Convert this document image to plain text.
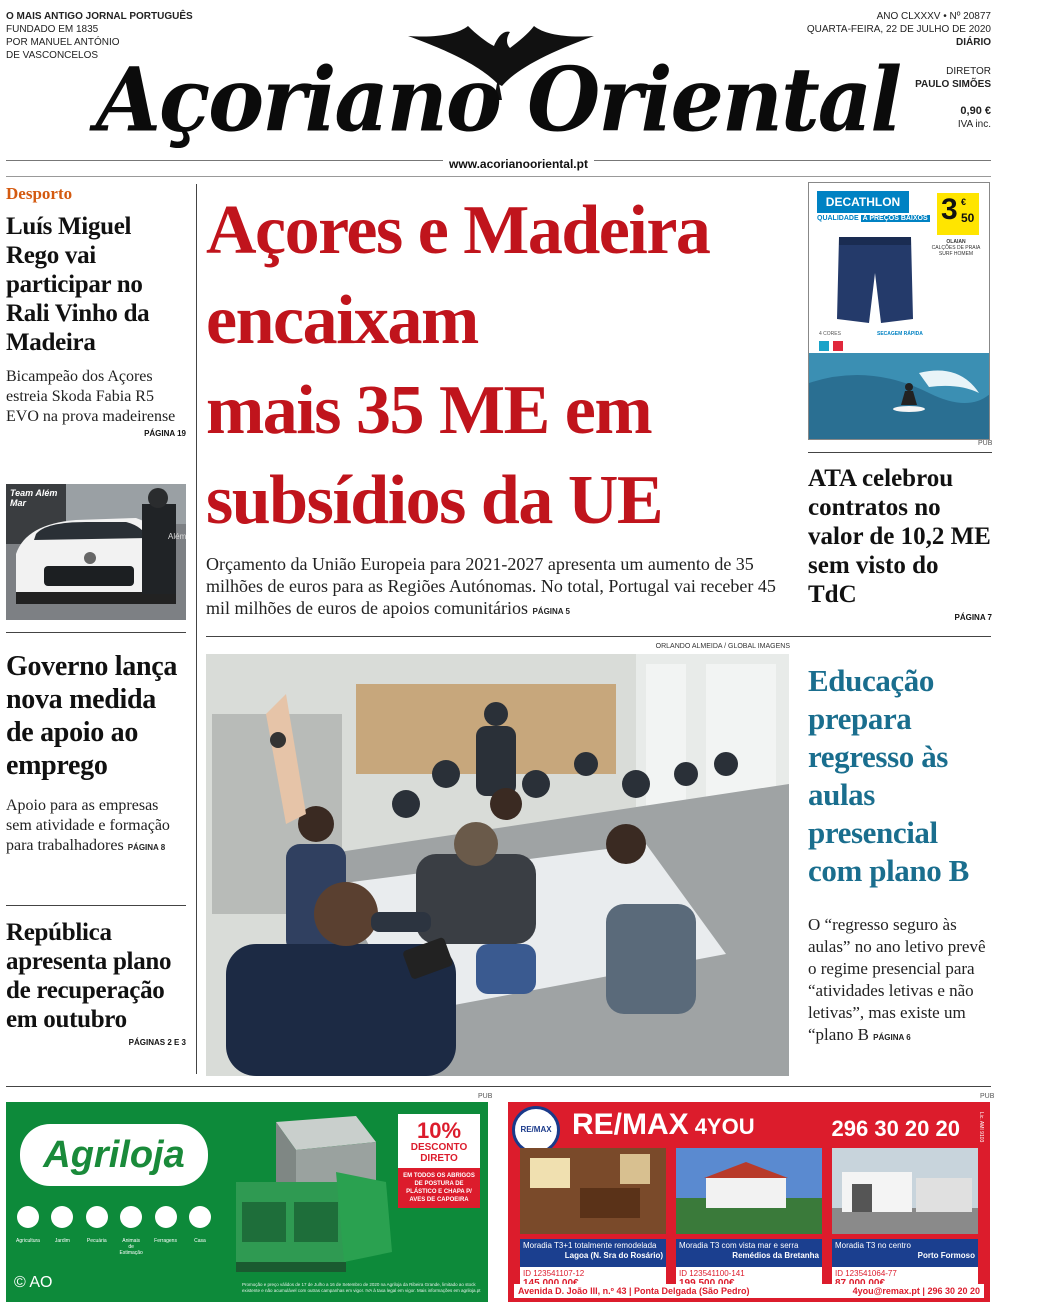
O MAIS ANTIGO JORNAL PORTUGUÊS
FUNDADO EM 1835
POR MANUEL ANTÓNIO
DE VASCONCELOS
ANO CLXXXV • Nº 20877
QUARTA-FEIRA, 22 DE JULHO DE 2020
DIÁRIO
DIRETOR
PAULO SIMÕES
0,90 €
IVA inc.
Açoriano Oriental
www.acorianooriental.pt
Desporto
Luís Miguel Rego vai participar no Rali Vinho da Madeira
Bicampeão dos Açores estreia Skoda Fabia R5 EVO na prova madeirense
PÁGINA 19
Team Além Mar
Além
Governo lança nova medida de apoio ao emprego
Apoio para as empresas sem atividade e formação para trabalhadores PÁGINA 8
República apresenta plano de recuperação em outubro
PÁGINAS 2 E 3
Açores e Madeira
encaixam
mais 35 ME em
subsídios da UE
Orçamento da União Europeia para 2021-2027 apresenta um aumento de 35 milhões de euros para as Regiões Autónomas. No total, Portugal vai receber 45 mil milhões de euros de apoios comunitários PÁGINA 5
ORLANDO ALMEIDA / GLOBAL IMAGENS
DECATHLON
QUALIDADE A PREÇOS BAIXOS 3 €
50
OLAIAN
CALÇÕES DE PRAIA
SURF HOMEM
4 CORES	SECAGEM RÁPIDA
PUB
ATA celebrou contratos no valor de 10,2 ME sem visto do TdC
PÁGINA 7
Educação prepara regresso às aulas presencial com plano B
O “regresso seguro às aulas” no ano letivo prevê o regime presencial para “atividades letivas e não letivas”, mas existe um “plano B PÁGINA 6
PUB	PUB
Agriloja
Agricultura	Jardim	Pecuária	Animais de Estimação
Ferragens	Casa
© AO
10%
DESCONTO DIRETO
EM TODOS OS ABRIGOS DE POSTURA DE PLÁSTICO E CHAPA P/ AVES DE CAPOEIRA
Promoção e preço válidos de 17 de Julho a 16 de Setembro de 2020 na Agriloja da Ribeira Grande, limitado ao stock existente e não acumulável com outras campanhas em vigor. IVA à taxa legal em vigor. Mais informações em agriloja.pt
RE/MAX RE/MAX 4YOU	296 30 20 20	Lic. AMI 9103
Moradia T3+1 totalmente remodelada
Lagoa (N. Sra do Rosário)
ID 123541107-12
Moradia T3 com vista mar e serra
Remédios da Bretanha
ID 123541100-141
Moradia T3 no centro
Porto Formoso
ID 123541064-77
Avenida D. João III, n.º 43 | Ponta Delgada (São Pedro)	4you@remax.pt | 296 30 20 20
